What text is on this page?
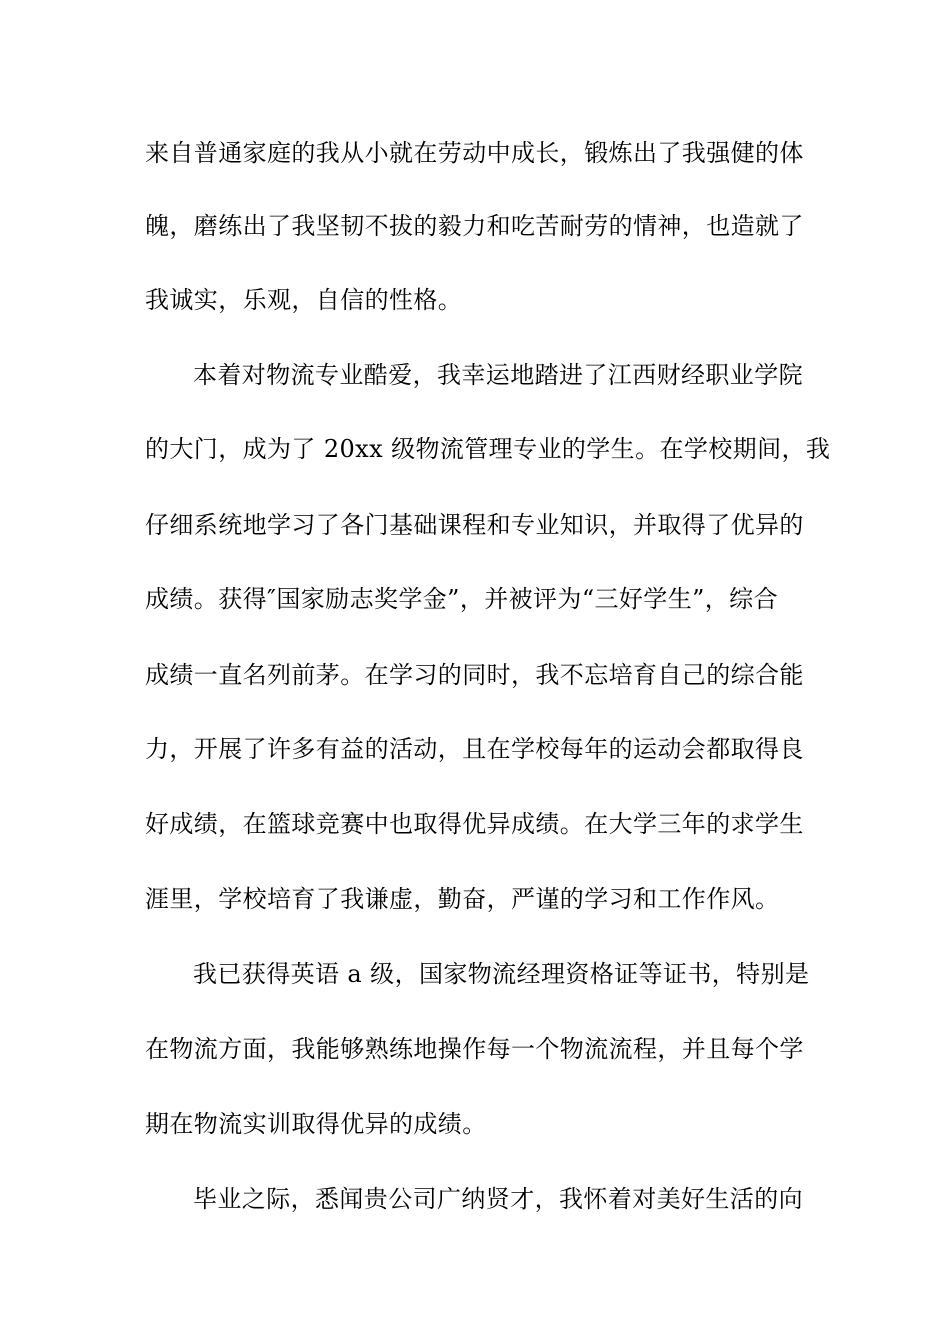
来自普通家庭的我从小就在劳动中成长，锻炼出了我强健的体
魄，磨练出了我坚韧不拔的毅力和吃苦耐劳的情神，也造就了
我诚实，乐观，自信的性格。
本着对物流专业酷爱，我幸运地踏进了江西财经职业学院
的大门，成为了 20xx 级物流管理专业的学生。在学校期间，我
仔细系统地学习了各门基础课程和专业知识，并取得了优异的
成绩。获得″国家励志奖学金”，并被评为“三好学生”，综合
成绩一直名列前茅。在学习的同时，我不忘培育自己的综合能
力，开展了许多有益的活动，且在学校每年的运动会都取得良
好成绩，在篮球竞赛中也取得优异成绩。在大学三年的求学生
涯里，学校培育了我谦虚，勤奋，严谨的学习和工作作风。
我已获得英语 a 级，国家物流经理资格证等证书，特别是
在物流方面，我能够熟练地操作每一个物流流程，并且每个学
期在物流实训取得优异的成绩。
毕业之际，悉闻贵公司广纳贤才，我怀着对美好生活的向
